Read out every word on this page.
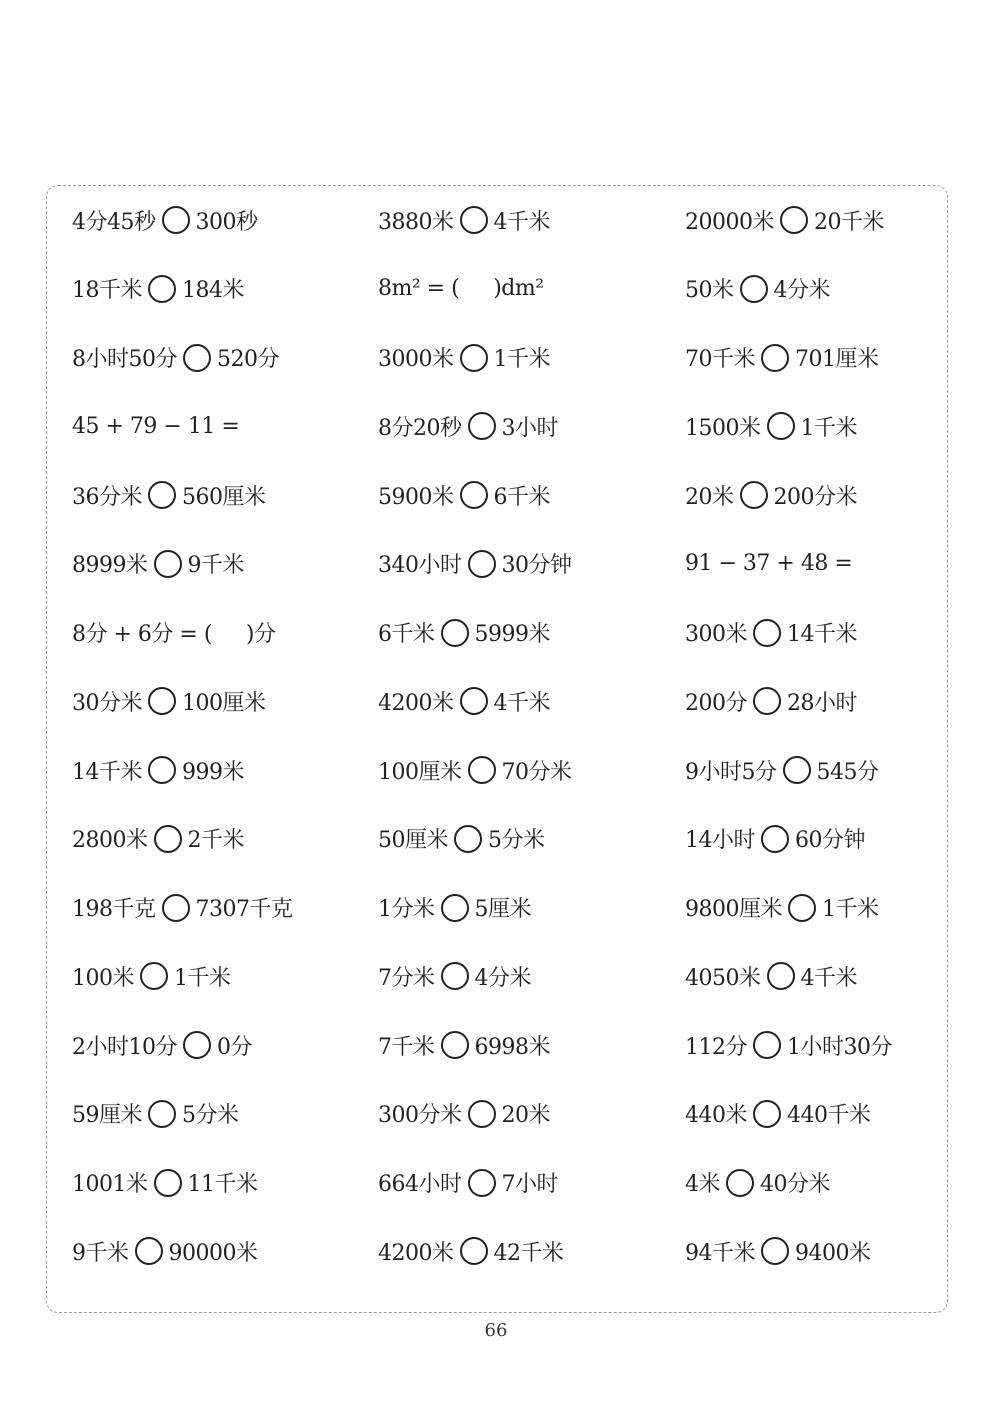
4分45秒 300秒	3880米 4千米	20000米 20千米
18千米 184米	8m² = ( )dm²	50米 4分米
8小时50分 520分	3000米 1千米	70千米 701厘米
45 + 79 − 11 =	8分20秒 3小时	1500米 1千米
36分米 560厘米	5900米 6千米	20米 200分米
8999米 9千米	340小时 30分钟	91 − 37 + 48 =
8分 + 6分 = ( )分	6千米 5999米	300米 14千米
30分米 100厘米	4200米 4千米	200分 28小时
14千米 999米	100厘米 70分米	9小时5分 545分
2800米 2千米	50厘米 5分米	14小时 60分钟
198千克 7307千克	1分米 5厘米	9800厘米 1千米
100米 1千米	7分米 4分米	4050米 4千米
2小时10分 0分	7千米 6998米	112分 1小时30分
59厘米 5分米	300分米 20米	440米 440千米
1001米 11千米	664小时 7小时	4米 40分米
9千米 90000米	4200米 42千米	94千米 9400米
66
